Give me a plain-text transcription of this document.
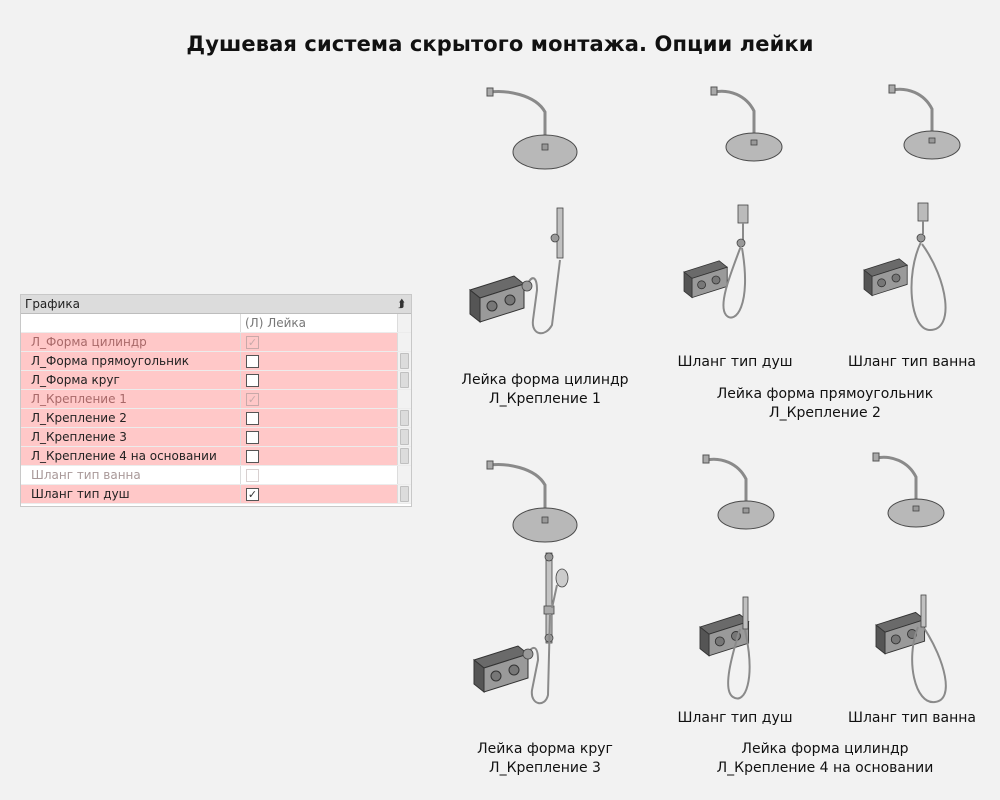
Душевая система скрытого монтажа. Опции лейки
Графика	⮭
(Л) Лейка
Л_Форма цилиндр	✓
Л_Форма прямоугольник
Л_Форма круг
Л_Крепление 1	✓
Л_Крепление 2
Л_Крепление 3
Л_Крепление 4 на основании
Шланг тип ванна
Шланг тип душ	✓
Лейка форма цилиндр
Л_Крепление 1
Шланг тип душ	Шланг тип ванна
Лейка форма прямоугольник
Л_Крепление 2
Лейка форма круг
Л_Крепление 3
Шланг тип душ	Шланг тип ванна
Лейка форма цилиндр
Л_Крепление 4 на основании
